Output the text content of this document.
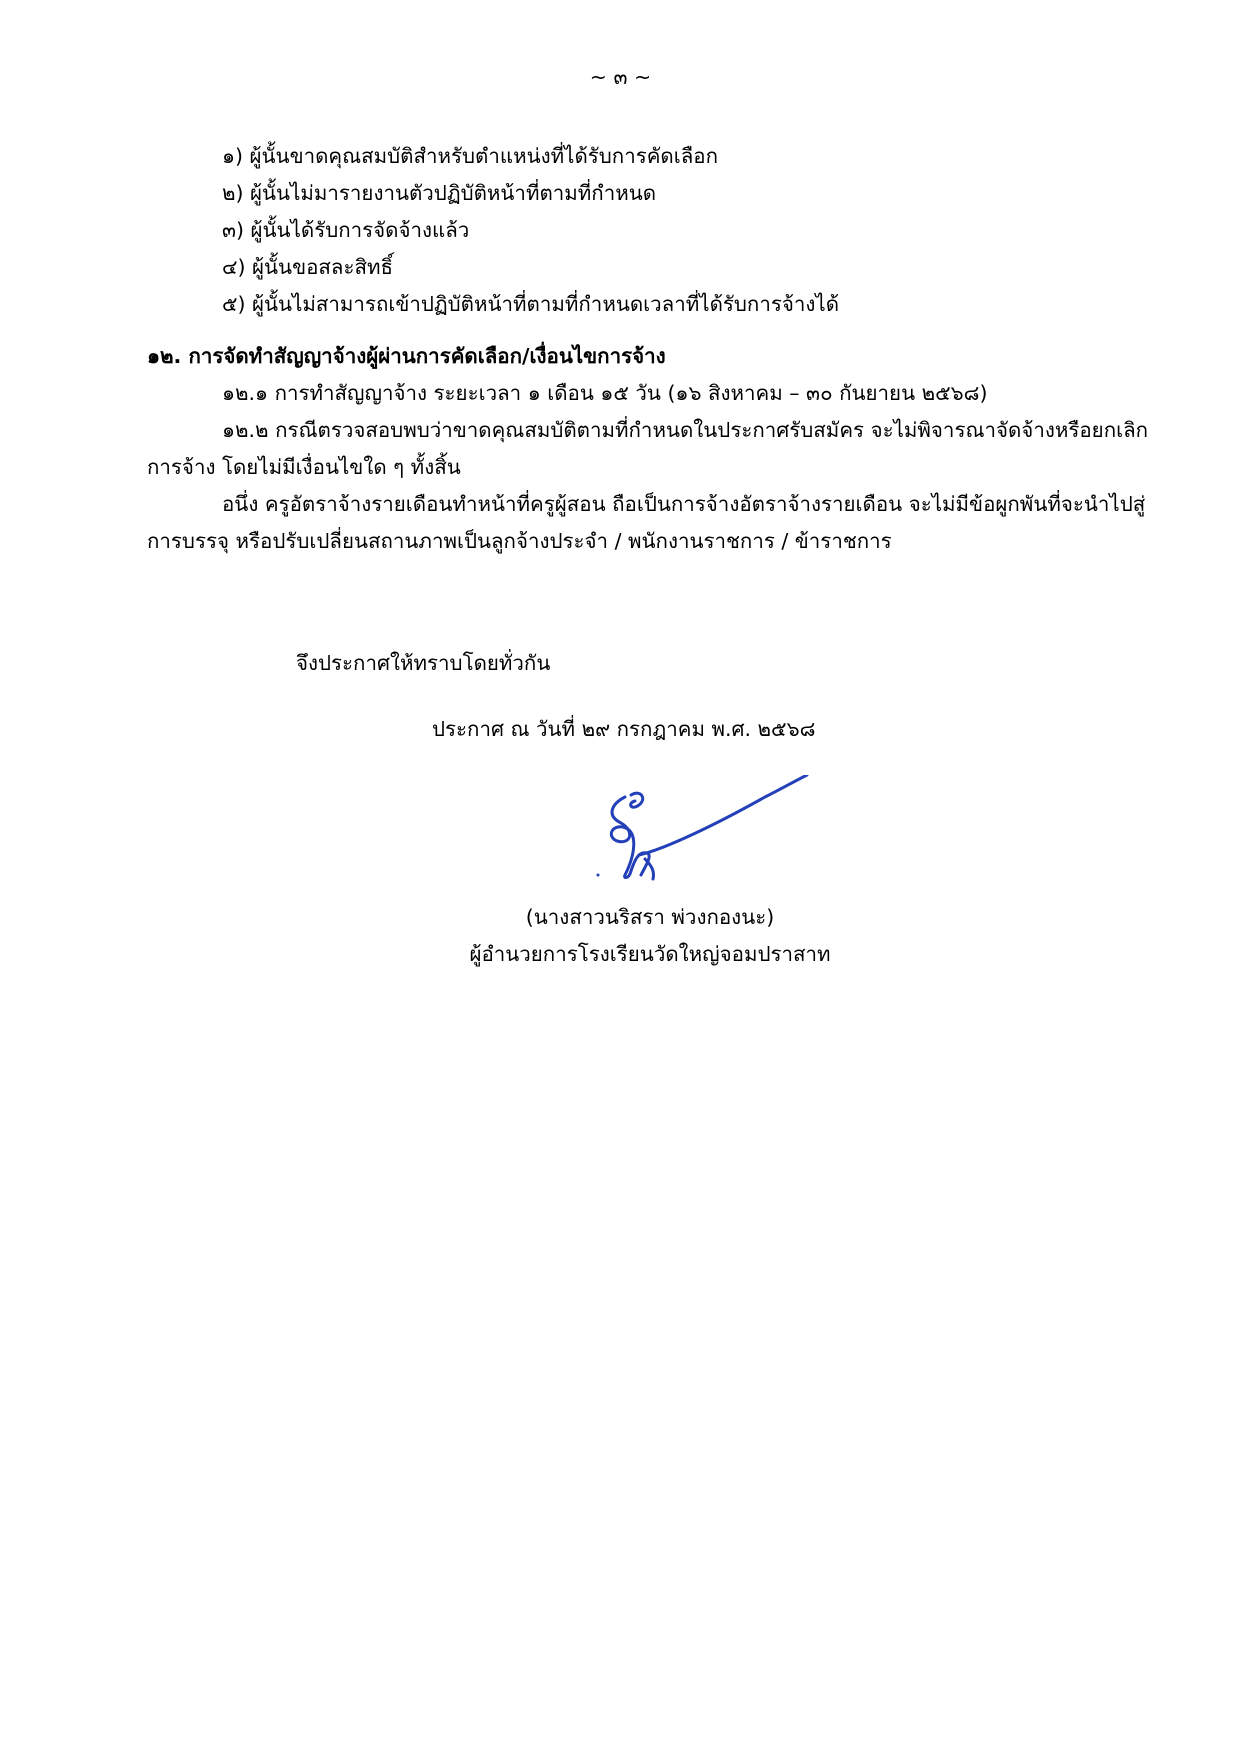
~ ๓ ~
๑) ผู้นั้นขาดคุณสมบัติสำหรับตำแหน่งที่ได้รับการคัดเลือก
๒) ผู้นั้นไม่มารายงานตัวปฏิบัติหน้าที่ตามที่กำหนด
๓) ผู้นั้นได้รับการจัดจ้างแล้ว
๔) ผู้นั้นขอสละสิทธิ์
๕) ผู้นั้นไม่สามารถเข้าปฏิบัติหน้าที่ตามที่กำหนดเวลาที่ได้รับการจ้างได้
๑๒. การจัดทำสัญญาจ้างผู้ผ่านการคัดเลือก/เงื่อนไขการจ้าง
๑๒.๑ การทำสัญญาจ้าง ระยะเวลา ๑ เดือน ๑๕ วัน (๑๖ สิงหาคม – ๓๐ กันยายน ๒๕๖๘)
๑๒.๒ กรณีตรวจสอบพบว่าขาดคุณสมบัติตามที่กำหนดในประกาศรับสมัคร จะไม่พิจารณาจัดจ้างหรือยกเลิก
การจ้าง โดยไม่มีเงื่อนไขใด ๆ ทั้งสิ้น
อนึ่ง ครูอัตราจ้างรายเดือนทำหน้าที่ครูผู้สอน ถือเป็นการจ้างอัตราจ้างรายเดือน จะไม่มีข้อผูกพันที่จะนำไปสู่
การบรรจุ หรือปรับเปลี่ยนสถานภาพเป็นลูกจ้างประจำ / พนักงานราชการ / ข้าราชการ
จึงประกาศให้ทราบโดยทั่วกัน
ประกาศ ณ วันที่ ๒๙ กรกฎาคม พ.ศ. ๒๕๖๘
(นางสาวนริสรา พ่วงกองนะ)
ผู้อำนวยการโรงเรียนวัดใหญ่จอมปราสาท
